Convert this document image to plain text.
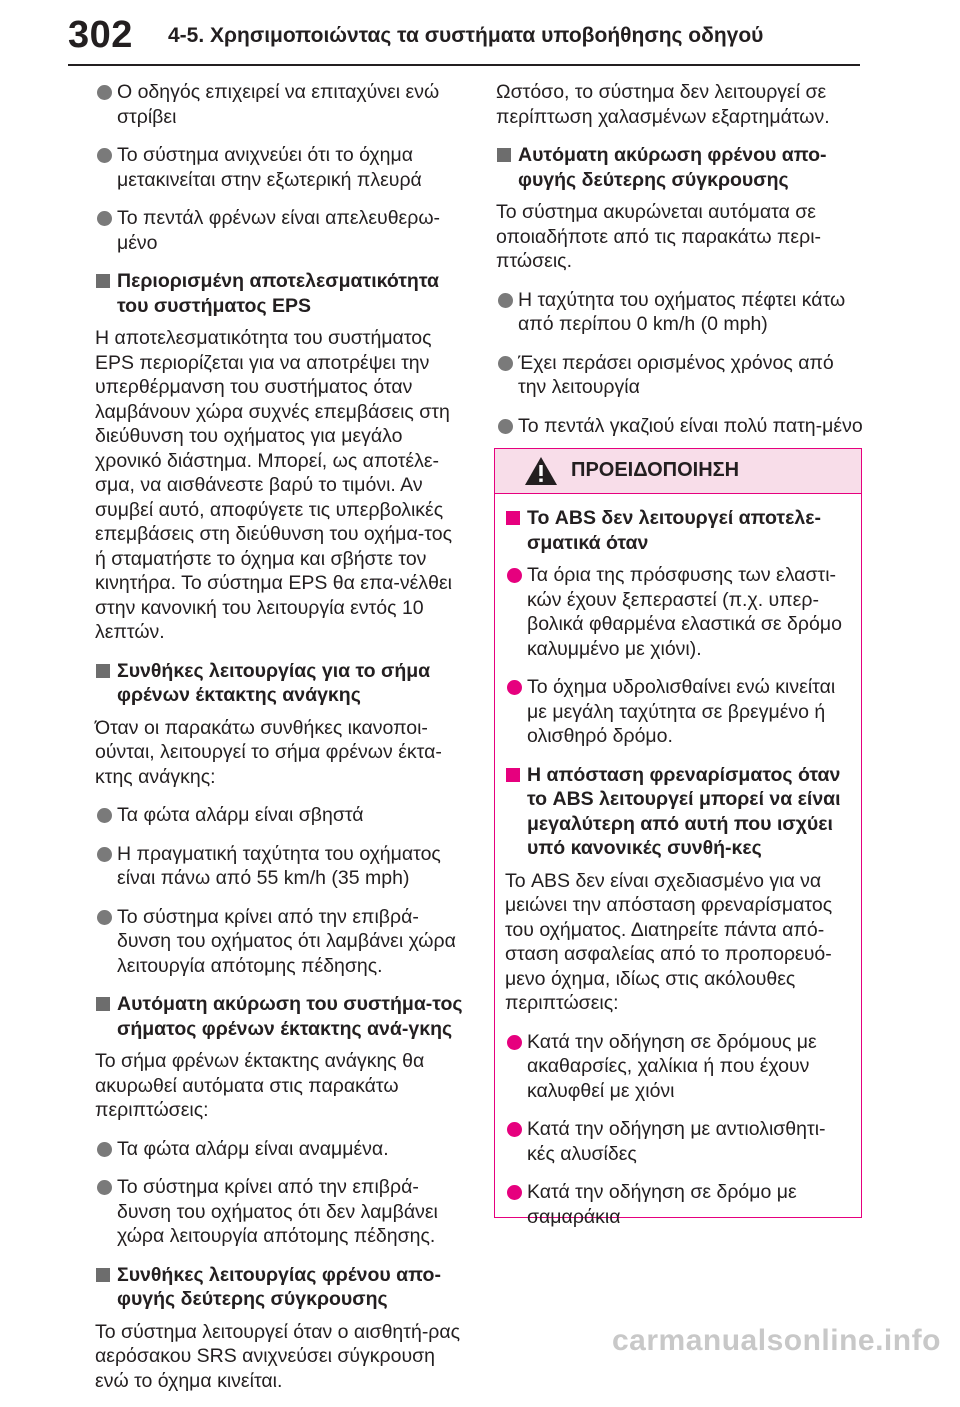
302 4-5. Χρησιμοποιώντας τα συστήματα υποβοήθησης οδηγού
Ο οδηγός επιχειρεί να επιταχύνει ενώ στρίβει
Το σύστημα ανιχνεύει ότι το όχημα μετακινείται στην εξωτερική πλευρά
Το πεντάλ φρένων είναι απελευθερω-μένο
Περιορισμένη αποτελεσματικότητα του συστήματος EPS

Η αποτελεσματικότητα του συστήματος EPS περιορίζεται για να αποτρέψει την υπερθέρμανση του συστήματος όταν λαμβάνουν χώρα συχνές επεμβάσεις στη διεύθυνση του οχήματος για μεγάλο χρονικό διάστημα. Μπορεί, ως αποτέλε-σμα, να αισθάνεστε βαρύ το τιμόνι. Αν συμβεί αυτό, αποφύγετε τις υπερβολικές επεμβάσεις στη διεύθυνση του οχήμα-τος ή σταματήστε το όχημα και σβήστε τον κινητήρα. Το σύστημα EPS θα επα-νέλθει στην κανονική του λειτουργία εντός 10 λεπτών.

Συνθήκες λειτουργίας για το σήμα φρένων έκτακτης ανάγκης

Όταν οι παρακάτω συνθήκες ικανοποι-ούνται, λειτουργεί το σήμα φρένων έκτα-κτης ανάγκης:

Τα φώτα αλάρμ είναι σβηστά
Η πραγματική ταχύτητα του οχήματος είναι πάνω από 55 km/h (35 mph)
Το σύστημα κρίνει από την επιβρά-δυνση του οχήματος ότι λαμβάνει χώρα λειτουργία απότομης πέδησης.
Αυτόματη ακύρωση του συστήμα-τος σήματος φρένων έκτακτης ανά-γκης

Το σήμα φρένων έκτακτης ανάγκης θα ακυρωθεί αυτόματα στις παρακάτω περιπτώσεις:

Τα φώτα αλάρμ είναι αναμμένα.
Το σύστημα κρίνει από την επιβρά-δυνση του οχήματος ότι δεν λαμβάνει χώρα λειτουργία απότομης πέδησης.
Συνθήκες λειτουργίας φρένου απο-φυγής δεύτερης σύγκρουσης

Το σύστημα λειτουργεί όταν ο αισθητή-ρας αερόσακου SRS ανιχνεύσει σύγκρουση ενώ το όχημα κινείται.

Ωστόσο, το σύστημα δεν λειτουργεί σε περίπτωση χαλασμένων εξαρτημάτων.

Αυτόματη ακύρωση φρένου απο-φυγής δεύτερης σύγκρουσης

Το σύστημα ακυρώνεται αυτόματα σε οποιαδήποτε από τις παρακάτω περι-πτώσεις.

Η ταχύτητα του οχήματος πέφτει κάτω από περίπου 0 km/h (0 mph)
Έχει περάσει ορισμένος χρόνος από την λειτουργία
Το πεντάλ γκαζιού είναι πολύ πατη-μένο
ΠΡΟΕΙΔΟΠΟΙΗΣΗ
Το ABS δεν λειτουργεί αποτελε-σματικά όταν
Τα όρια της πρόσφυσης των ελαστι-κών έχουν ξεπεραστεί (π.χ. υπερ-βολικά φθαρμένα ελαστικά σε δρόμο καλυμμένο με χιόνι).
Το όχημα υδρολισθαίνει ενώ κινείται με μεγάλη ταχύτητα σε βρεγμένο ή ολισθηρό δρόμο.
Η απόσταση φρεναρίσματος όταν το ABS λειτουργεί μπορεί να είναι μεγαλύτερη από αυτή που ισχύει υπό κανονικές συνθή-κες

Το ABS δεν είναι σχεδιασμένο για να μειώνει την απόσταση φρεναρίσματος του οχήματος. Διατηρείτε πάντα από-σταση ασφαλείας από το προπορευό-μενο όχημα, ιδίως στις ακόλουθες περιπτώσεις:

Κατά την οδήγηση σε δρόμους με ακαθαρσίες, χαλίκια ή που έχουν καλυφθεί με χιόνι
Κατά την οδήγηση με αντιολισθητι-κές αλυσίδες
Κατά την οδήγηση σε δρόμο με σαμαράκια
carmanualsonline.info
